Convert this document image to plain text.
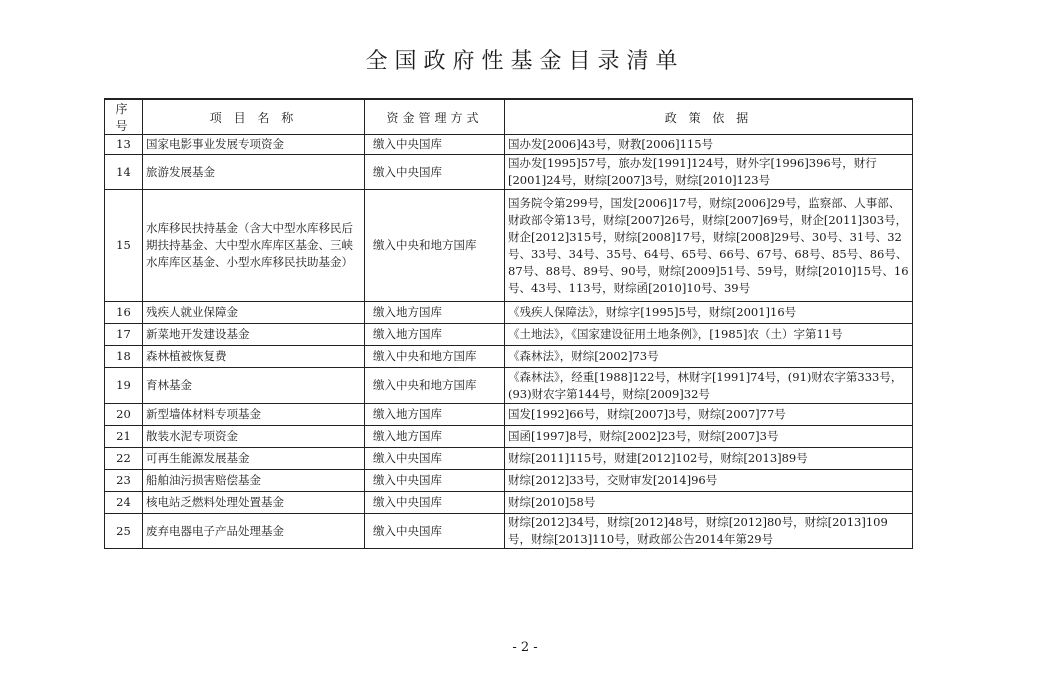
全国政府性基金目录清单
序号	项 目 名 称	资金管理方式	政 策 依 据
13	国家电影事业发展专项资金	缴入中央国库	国办发[2006]43号，财教[2006]115号
14	旅游发展基金	缴入中央国库	国办发[1995]57号，旅办发[1991]124号，财外字[1996]396号，财行[2001]24号，财综[2007]3号，财综[2010]123号
15	水库移民扶持基金（含大中型水库移民后期扶持基金、大中型水库库区基金、三峡水库库区基金、小型水库移民扶助基金）	缴入中央和地方国库	国务院令第299号，国发[2006]17号，财综[2006]29号，监察部、人事部、财政部令第13号，财综[2007]26号，财综[2007]69号，财企[2011]303号，财企[2012]315号，财综[2008]17号，财综[2008]29号、30号、31号、32号、33号、34号、35号、64号、65号、66号、67号、68号、85号、86号、87号、88号、89号、90号，财综[2009]51号、59号，财综[2010]15号、16号、43号、113号，财综函[2010]10号、39号
16	残疾人就业保障金	缴入地方国库	《残疾人保障法》，财综字[1995]5号，财综[2001]16号
17	新菜地开发建设基金	缴入地方国库	《土地法》，《国家建设征用土地条例》，[1985]农（土）字第11号
18	森林植被恢复费	缴入中央和地方国库	《森林法》，财综[2002]73号
19	育林基金	缴入中央和地方国库	《森林法》，经重[1988]122号，林财字[1991]74号，(91)财农字第333号，(93)财农字第144号，财综[2009]32号
20	新型墙体材料专项基金	缴入地方国库	国发[1992]66号，财综[2007]3号，财综[2007]77号
21	散装水泥专项资金	缴入地方国库	国函[1997]8号，财综[2002]23号，财综[2007]3号
22	可再生能源发展基金	缴入中央国库	财综[2011]115号，财建[2012]102号，财综[2013]89号
23	船舶油污损害赔偿基金	缴入中央国库	财综[2012]33号，交财审发[2014]96号
24	核电站乏燃料处理处置基金	缴入中央国库	财综[2010]58号
25	废弃电器电子产品处理基金	缴入中央国库	财综[2012]34号，财综[2012]48号，财综[2012]80号，财综[2013]109号，财综[2013]110号，财政部公告2014年第29号
- 2 -
